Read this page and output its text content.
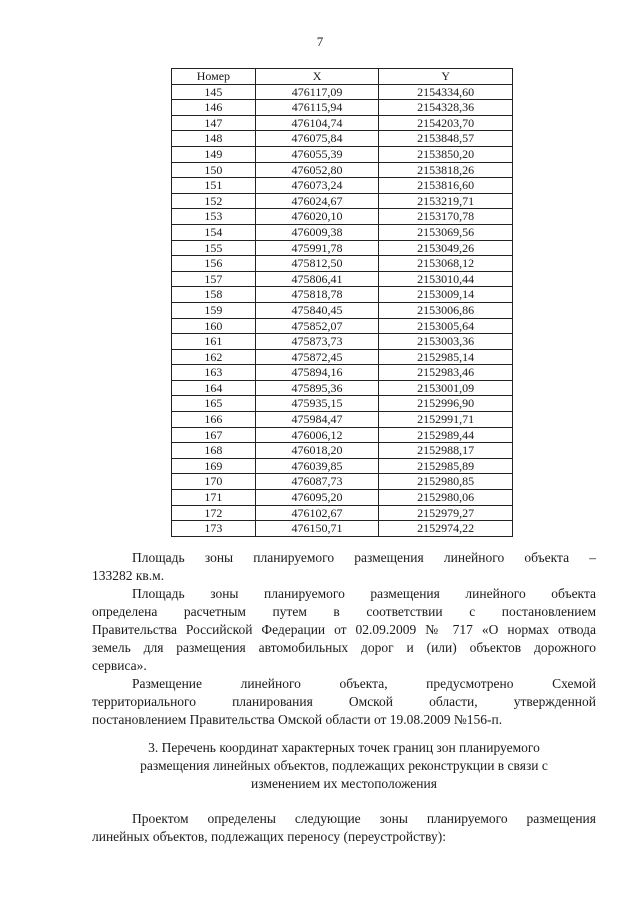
7
Номер	X	Y
145	476117,09	2154334,60
146	476115,94	2154328,36
147	476104,74	2154203,70
148	476075,84	2153848,57
149	476055,39	2153850,20
150	476052,80	2153818,26
151	476073,24	2153816,60
152	476024,67	2153219,71
153	476020,10	2153170,78
154	476009,38	2153069,56
155	475991,78	2153049,26
156	475812,50	2153068,12
157	475806,41	2153010,44
158	475818,78	2153009,14
159	475840,45	2153006,86
160	475852,07	2153005,64
161	475873,73	2153003,36
162	475872,45	2152985,14
163	475894,16	2152983,46
164	475895,36	2153001,09
165	475935,15	2152996,90
166	475984,47	2152991,71
167	476006,12	2152989,44
168	476018,20	2152988,17
169	476039,85	2152985,89
170	476087,73	2152980,85
171	476095,20	2152980,06
172	476102,67	2152979,27
173	476150,71	2152974,22
Площадь зоны планируемого размещения линейного объекта –
133282 кв.м.
Площадь зоны планируемого размещения линейного объекта
определена расчетным путем в соответствии с постановлением
Правительства Российской Федерации от 02.09.2009 № 717 «О нормах отвода
земель для размещения автомобильных дорог и (или) объектов дорожного
сервиса».
Размещение линейного объекта, предусмотрено Схемой
территориального планирования Омской области, утвержденной
постановлением Правительства Омской области от 19.08.2009 №156-п.
3. Перечень координат характерных точек границ зон планируемого
размещения линейных объектов, подлежащих реконструкции в связи с
изменением их местоположения
Проектом определены следующие зоны планируемого размещения
линейных объектов, подлежащих переносу (переустройству):
